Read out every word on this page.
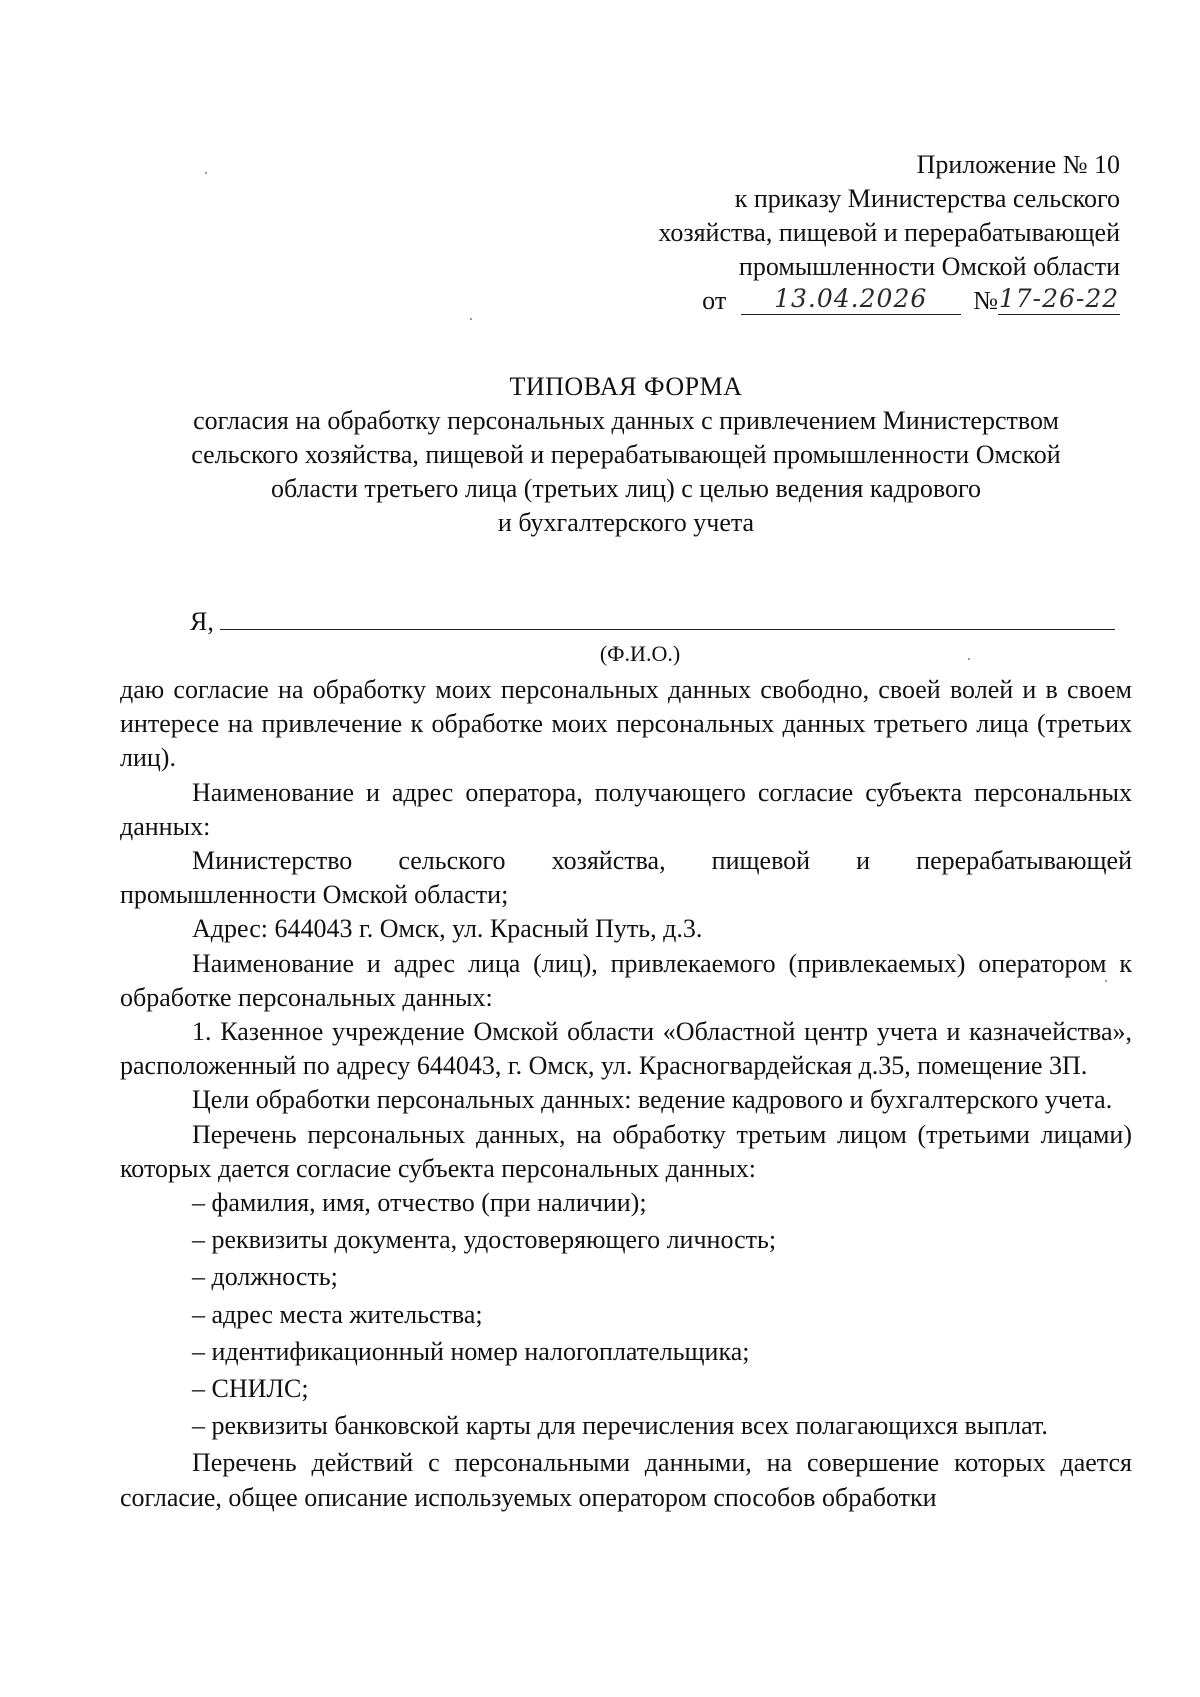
Приложение № 10
к приказу Министерства сельского
хозяйства, пищевой и перерабатывающей
промышленности Омской области
от 13.04.2026 №17-26-22
ТИПОВАЯ ФОРМА
согласия на обработку персональных данных с привлечением Министерством
сельского хозяйства, пищевой и перерабатывающей промышленности Омской
области третьего лица (третьих лиц) с целью ведения кадрового
и бухгалтерского учета
Я,
(Ф.И.О.)

даю согласие на обработку моих персональных данных свободно, своей волей и в своем интересе на привлечение к обработке моих персональных данных третьего лица (третьих лиц).

Наименование и адрес оператора, получающего согласие субъекта персональных данных:

Министерство сельского хозяйства, пищевой и перерабатывающей промышленности Омской области;

Адрес: 644043 г. Омск, ул. Красный Путь, д.3.

Наименование и адрес лица (лиц), привлекаемого (привлекаемых) оператором к обработке персональных данных:

1. Казенное учреждение Омской области «Областной центр учета и казначейства», расположенный по адресу 644043, г. Омск, ул. Красногвардейская д.35, помещение 3П.

Цели обработки персональных данных: ведение кадрового и бухгалтерского учета.

Перечень персональных данных, на обработку третьим лицом (третьими лицами) которых дается согласие субъекта персональных данных:

– фамилия, имя, отчество (при наличии);
– реквизиты документа, удостоверяющего личность;
– должность;
– адрес места жительства;
– идентификационный номер налогоплательщика;
– СНИЛС;
– реквизиты банковской карты для перечисления всех полагающихся выплат.

Перечень действий с персональными данными, на совершение которых дается согласие, общее описание используемых оператором способов обработки
